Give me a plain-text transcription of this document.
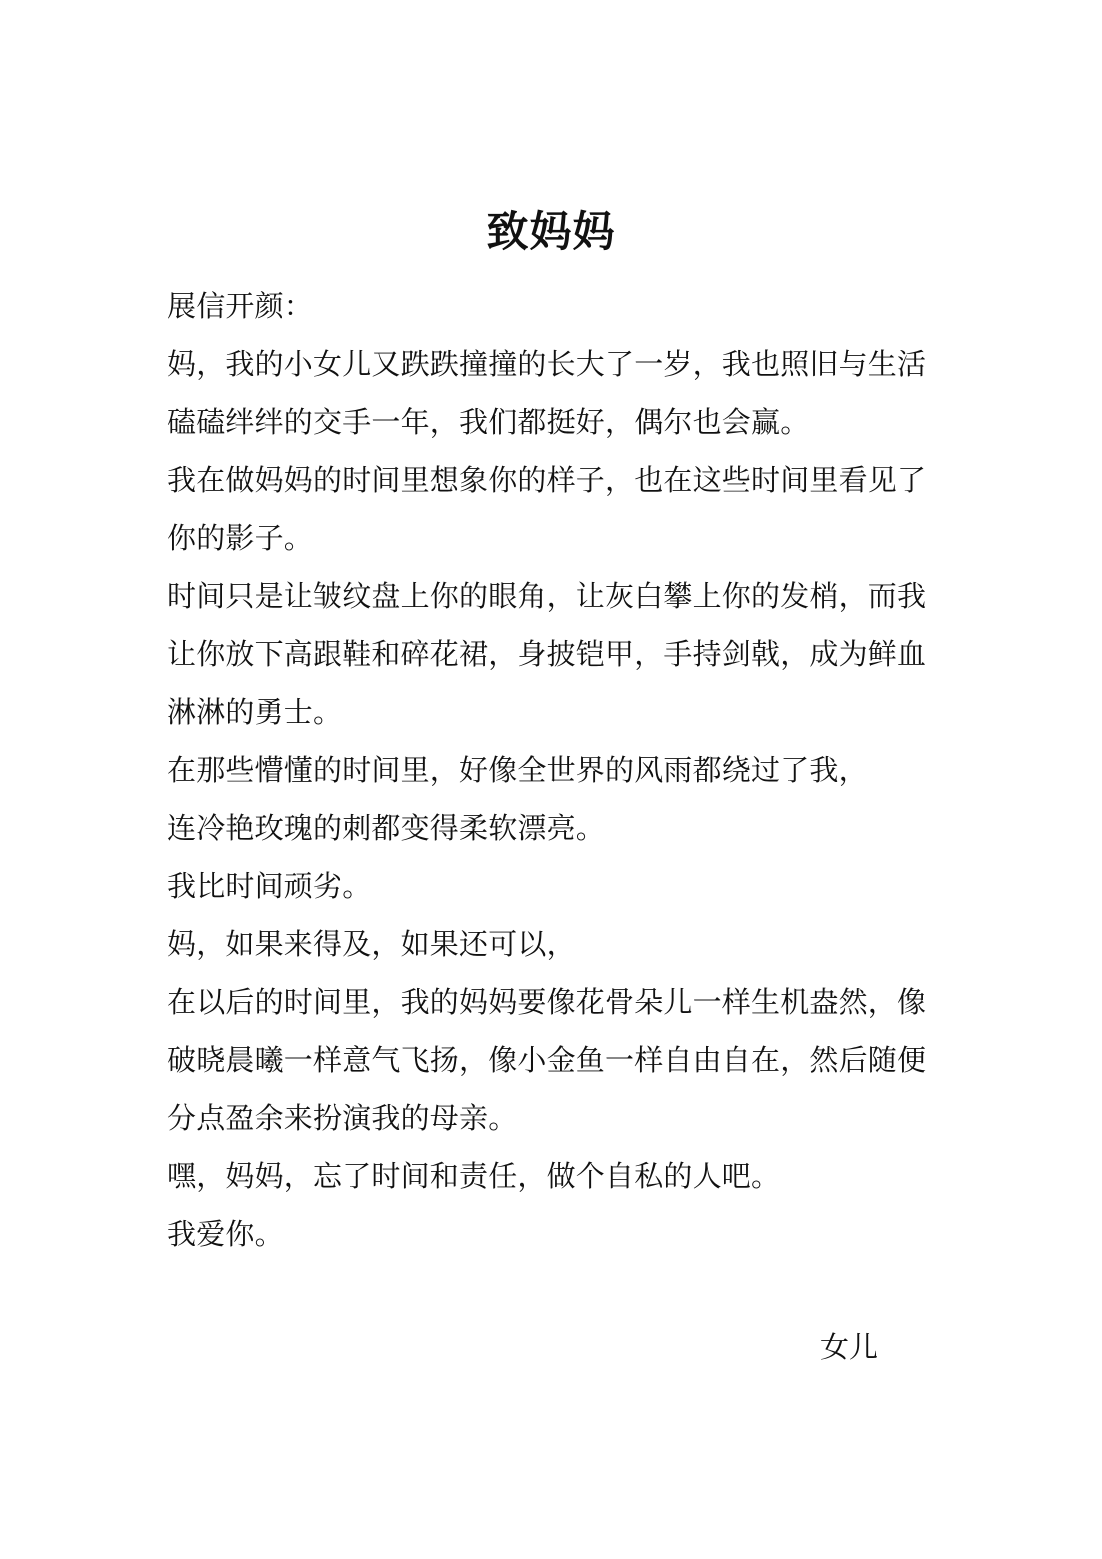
致妈妈
展信开颜：
妈，我的小女儿又跌跌撞撞的长大了一岁，我也照旧与生活
磕磕绊绊的交手一年，我们都挺好，偶尔也会赢。
我在做妈妈的时间里想象你的样子，也在这些时间里看见了
你的影子。
时间只是让皱纹盘上你的眼角，让灰白攀上你的发梢，而我
让你放下高跟鞋和碎花裙，身披铠甲，手持剑戟，成为鲜血
淋淋的勇士。
在那些懵懂的时间里，好像全世界的风雨都绕过了我，
连冷艳玫瑰的刺都变得柔软漂亮。
我比时间顽劣。
妈，如果来得及，如果还可以，
在以后的时间里，我的妈妈要像花骨朵儿一样生机盎然，像
破晓晨曦一样意气飞扬，像小金鱼一样自由自在，然后随便
分点盈余来扮演我的母亲。
嘿，妈妈，忘了时间和责任，做个自私的人吧。
我爱你。
女儿
